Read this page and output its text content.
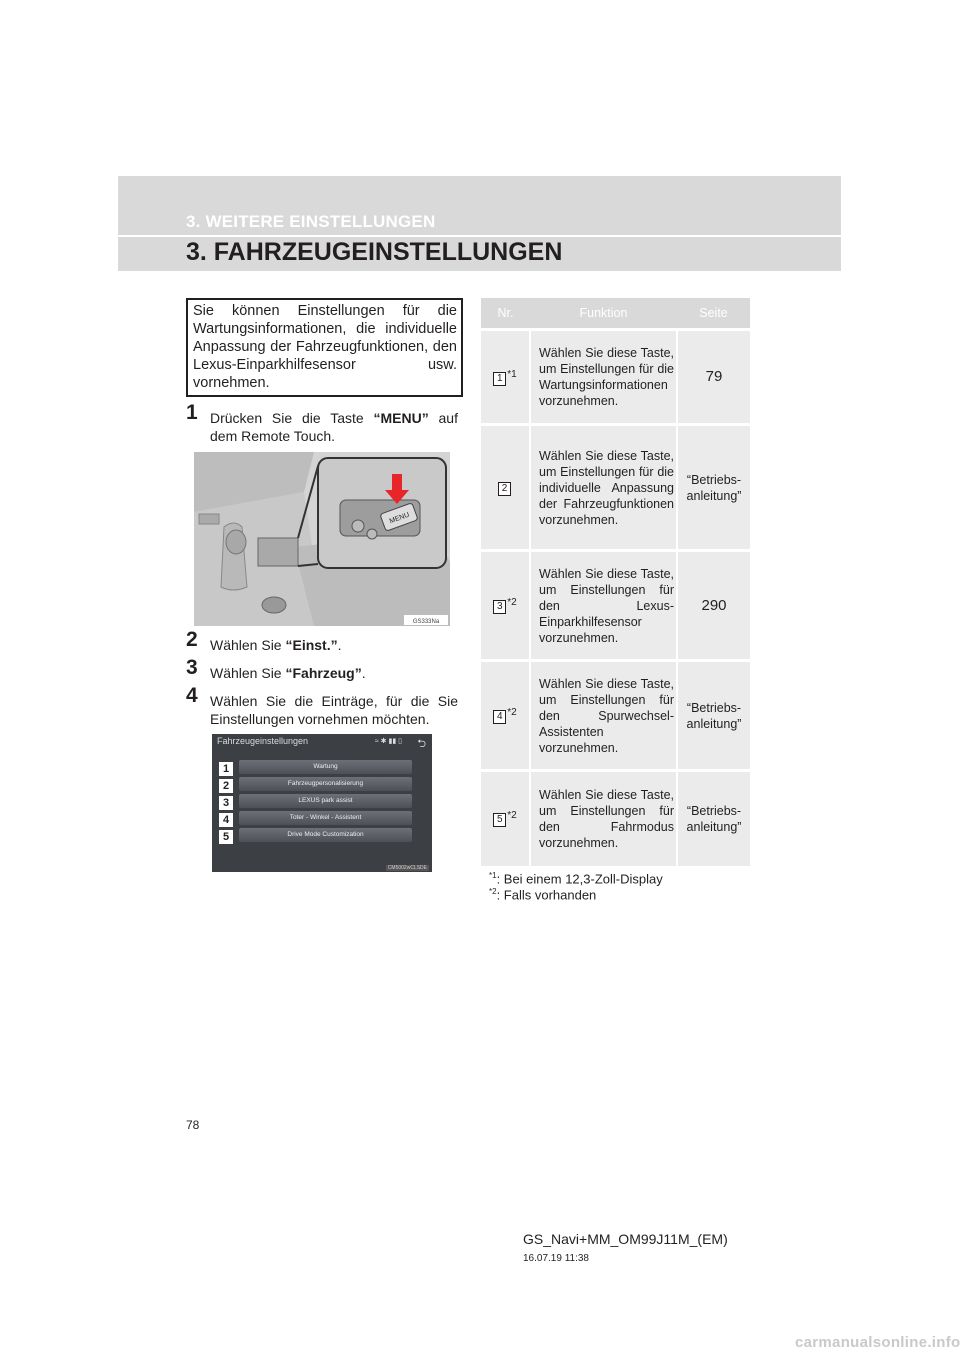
3. WEITERE EINSTELLUNGEN
3. FAHRZEUGEINSTELLUNGEN
Sie können Einstellungen für die Wartungsinformationen, die individuelle Anpassung der Fahrzeugfunktionen, den Lexus-Einparkhilfesensor usw. vornehmen.
1 Drücken Sie die Taste “MENU” auf dem Remote Touch.
MENU
GS333Na
2 Wählen Sie “Einst.”.
3 Wählen Sie “Fahrzeug”.
4 Wählen Sie die Einträge, für die Sie Einstellungen vornehmen möchten.
Fahrzeugeinstellungen	≈ ✱ ▮▮ ▯ ⮌
1	Wartung
2	Fahrzeugpersonalisierung
3	LEXUS park assist
4	Toter - Winkel - Assistent
5	Drive Mode Customization
CM5002wCLSDE
Nr.	Funktion	Seite
1 $^{*1}$	Wählen Sie diese Taste, um Einstellungen für die Wartungsinformationen vorzunehmen.	79
2	Wählen Sie diese Taste, um Einstellungen für die individuelle Anpassung der Fahrzeugfunktionen vorzunehmen.	“Betriebs- anleitung”
3 $^{*2}$	Wählen Sie diese Taste, um Einstellungen für den Lexus-Einparkhilfesensor vorzunehmen.	290
4 $^{*2}$	Wählen Sie diese Taste, um Einstellungen für den Spurwechsel-Assistenten vorzunehmen.	“Betriebs- anleitung”
5 $^{*2}$	Wählen Sie diese Taste, um Einstellungen für den Fahrmodus vorzunehmen.	“Betriebs- anleitung”
$^{*1}$: Bei einem 12,3-Zoll-Display
$^{*2}$: Falls vorhanden
78
GS_Navi+MM_OM99J11M_(EM)
16.07.19 11:38
carmanualsonline.info
